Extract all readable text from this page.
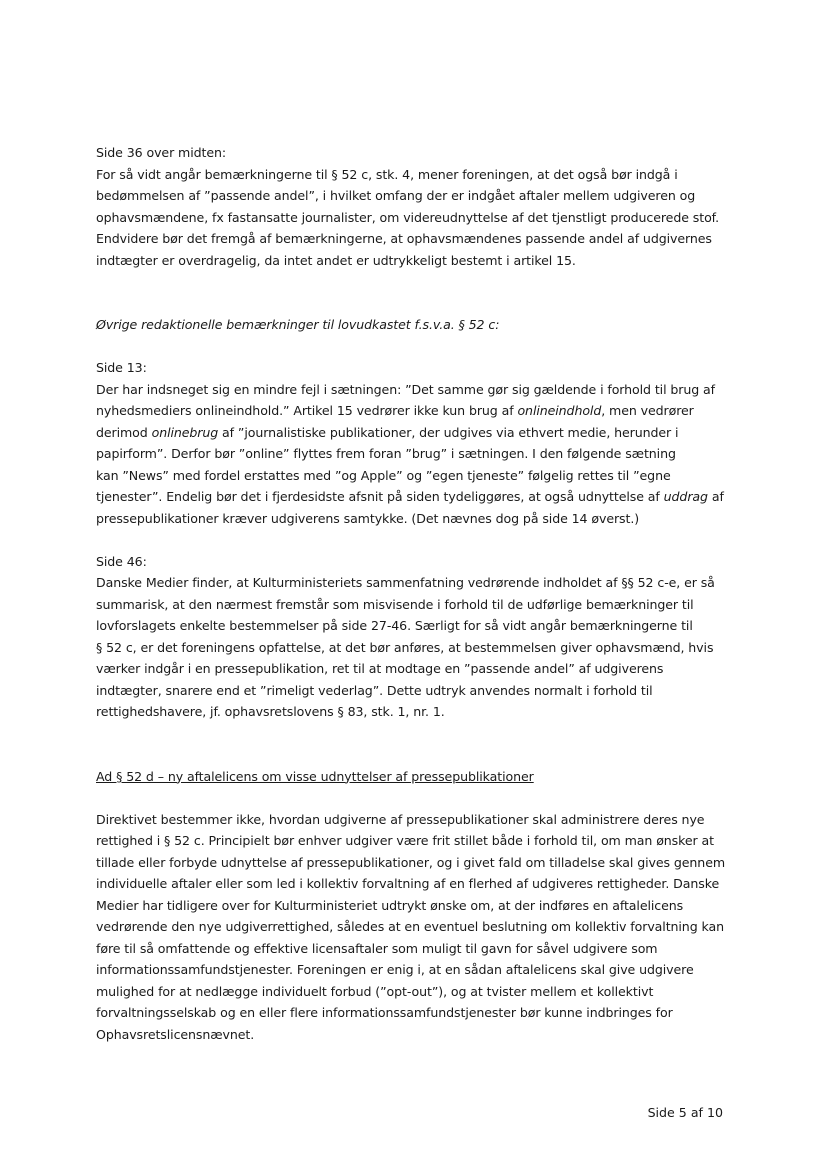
Side 36 over midten:
For så vidt angår bemærkningerne til § 52 c, stk. 4, mener foreningen, at det også bør indgå i
bedømmelsen af ”passende andel”, i hvilket omfang der er indgået aftaler mellem udgiveren og
ophavsmændene, fx fastansatte journalister, om videreudnyttelse af det tjenstligt producerede stof.
Endvidere bør det fremgå af bemærkningerne, at ophavsmændenes passende andel af udgivernes
indtægter er overdragelig, da intet andet er udtrykkeligt bestemt i artikel 15.
Øvrige redaktionelle bemærkninger til lovudkastet f.s.v.a. § 52 c:
Side 13:
Der har indsneget sig en mindre fejl i sætningen: ”Det samme gør sig gældende i forhold til brug af
nyhedsmediers onlineindhold.” Artikel 15 vedrører ikke kun brug af onlineindhold, men vedrører
derimod onlinebrug af ”journalistiske publikationer, der udgives via ethvert medie, herunder i
papirform”. Derfor bør ”online” flyttes frem foran ”brug” i sætningen. I den følgende sætning
kan ”News” med fordel erstattes med ”og Apple” og ”egen tjeneste” følgelig rettes til ”egne
tjenester”. Endelig bør det i fjerdesidste afsnit på siden tydeliggøres, at også udnyttelse af uddrag af
pressepublikationer kræver udgiverens samtykke. (Det nævnes dog på side 14 øverst.)
Side 46:
Danske Medier finder, at Kulturministeriets sammenfatning vedrørende indholdet af §§ 52 c-e, er så
summarisk, at den nærmest fremstår som misvisende i forhold til de udførlige bemærkninger til
lovforslagets enkelte bestemmelser på side 27-46. Særligt for så vidt angår bemærkningerne til
§ 52 c, er det foreningens opfattelse, at det bør anføres, at bestemmelsen giver ophavsmænd, hvis
værker indgår i en pressepublikation, ret til at modtage en ”passende andel” af udgiverens
indtægter, snarere end et ”rimeligt vederlag”. Dette udtryk anvendes normalt i forhold til
rettighedshavere, jf. ophavsretslovens § 83, stk. 1, nr. 1.
Ad § 52 d – ny aftalelicens om visse udnyttelser af pressepublikationer
Direktivet bestemmer ikke, hvordan udgiverne af pressepublikationer skal administrere deres nye
rettighed i § 52 c. Principielt bør enhver udgiver være frit stillet både i forhold til, om man ønsker at
tillade eller forbyde udnyttelse af pressepublikationer, og i givet fald om tilladelse skal gives gennem
individuelle aftaler eller som led i kollektiv forvaltning af en flerhed af udgiveres rettigheder. Danske
Medier har tidligere over for Kulturministeriet udtrykt ønske om, at der indføres en aftalelicens
vedrørende den nye udgiverrettighed, således at en eventuel beslutning om kollektiv forvaltning kan
føre til så omfattende og effektive licensaftaler som muligt til gavn for såvel udgivere som
informationssamfundstjenester. Foreningen er enig i, at en sådan aftalelicens skal give udgivere
mulighed for at nedlægge individuelt forbud (”opt-out”), og at tvister mellem et kollektivt
forvaltningsselskab og en eller flere informationssamfundstjenester bør kunne indbringes for
Ophavsretslicensnævnet.
Side 5 af 10
